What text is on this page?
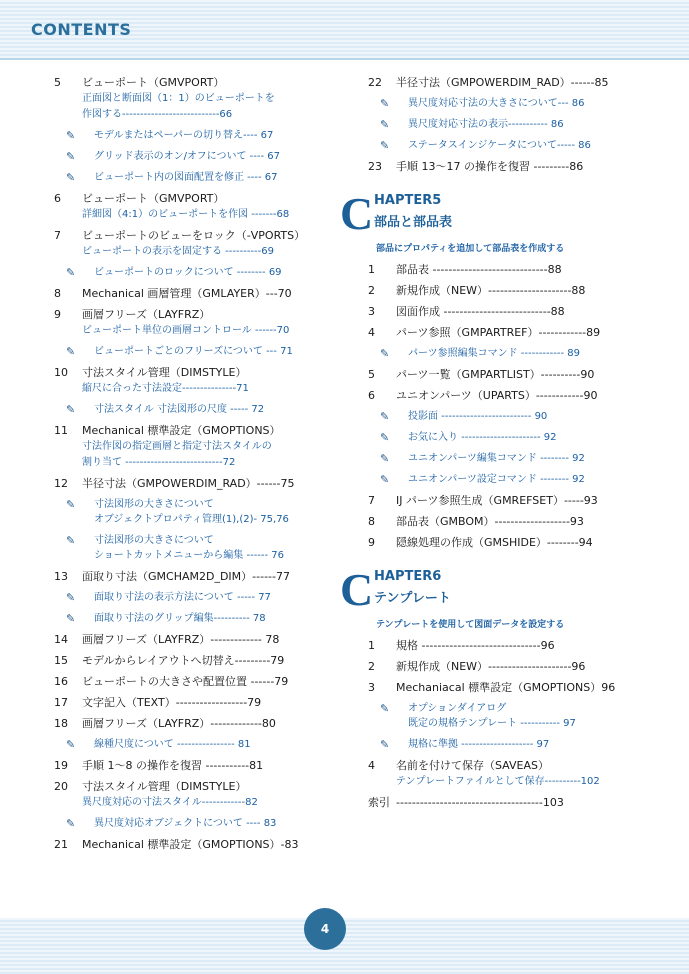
CONTENTS
5	ビューポート（GMVPORT）
正面図と断面図（1：1）のビューポートを
作図する---------------------------66
✎	モデルまたはペーパーの切り替え---- 67
✎	グリッド表示のオン/オフについて ---- 67
✎	ビューポート内の図面配置を修正 ---- 67
6	ビューポート（GMVPORT）
詳細図（4:1）のビューポートを作図 -------68
7	ビューポートのビューをロック（-VPORTS）
ビューポートの表示を固定する ----------69
✎	ビューポートのロックについて -------- 69
8	Mechanical 画層管理（GMLAYER）---70
9	画層フリーズ（LAYFRZ）
ビューポート単位の画層コントロール ------70
✎	ビューポートごとのフリーズについて --- 71
10	寸法スタイル管理（DIMSTYLE）
縮尺に合った寸法設定---------------71
✎	寸法スタイル 寸法図形の尺度 ----- 72
11	Mechanical 標準設定（GMOPTIONS）
寸法作図の指定画層と指定寸法スタイルの
割り当て ---------------------------72
12	半径寸法（GMPOWERDIM_RAD）------75
✎	寸法図形の大きさについて
オブジェクトプロパティ管理(1),(2)- 75,76
✎	寸法図形の大きさについて
ショートカットメニューから編集 ------ 76
13	面取り寸法（GMCHAM2D_DIM）------77
✎	面取り寸法の表示方法について ----- 77
✎	面取り寸法のグリップ編集---------- 78
14	画層フリーズ（LAYFRZ）------------- 78
15	モデルからレイアウトへ切替え---------79
16	ビューポートの大きさや配置位置 ------79
17	文字記入（TEXT）------------------79
18	画層フリーズ（LAYFRZ）-------------80
✎	線種尺度について ---------------- 81
19	手順 1～8 の操作を復習 -----------81
20	寸法スタイル管理（DIMSTYLE）
異尺度対応の寸法スタイル------------82
✎	異尺度対応オブジェクトについて ---- 83
21	Mechanical 標準設定（GMOPTIONS）-83
22	半径寸法（GMPOWERDIM_RAD）------85
✎	異尺度対応寸法の大きさについて--- 86
✎	異尺度対応寸法の表示----------- 86
✎	ステータスインジケータについて----- 86
23	手順 13～17 の操作を復習 ---------86
C HAPTER5
部品と部品表
部品にプロパティを追加して部品表を作成する
1	部品表 -----------------------------88
2	新規作成（NEW）---------------------88
3	図面作成 ---------------------------88
4	パーツ参照（GMPARTREF）------------89
✎	パーツ参照編集コマンド ------------ 89
5	パーツ一覧（GMPARTLIST）----------90
6	ユニオンパーツ（UPARTS）------------90
✎	投影面 ------------------------- 90
✎	お気に入り ---------------------- 92
✎	ユニオンパーツ編集コマンド -------- 92
✎	ユニオンパーツ設定コマンド -------- 92
7	IJ パーツ参照生成（GMREFSET）-----93
8	部品表（GMBOM）-------------------93
9	隠線処理の作成（GMSHIDE）--------94
C HAPTER6
テンプレート
テンプレートを使用して図面データを設定する
1	規格 ------------------------------96
2	新規作成（NEW）---------------------96
3	Mechaniacal 標準設定（GMOPTIONS）96
✎	オプションダイアログ
既定の規格テンプレート ----------- 97
✎	規格に準拠 -------------------- 97
4	名前を付けて保存（SAVEAS）
テンプレートファイルとして保存----------102
索引 -------------------------------------103
4
